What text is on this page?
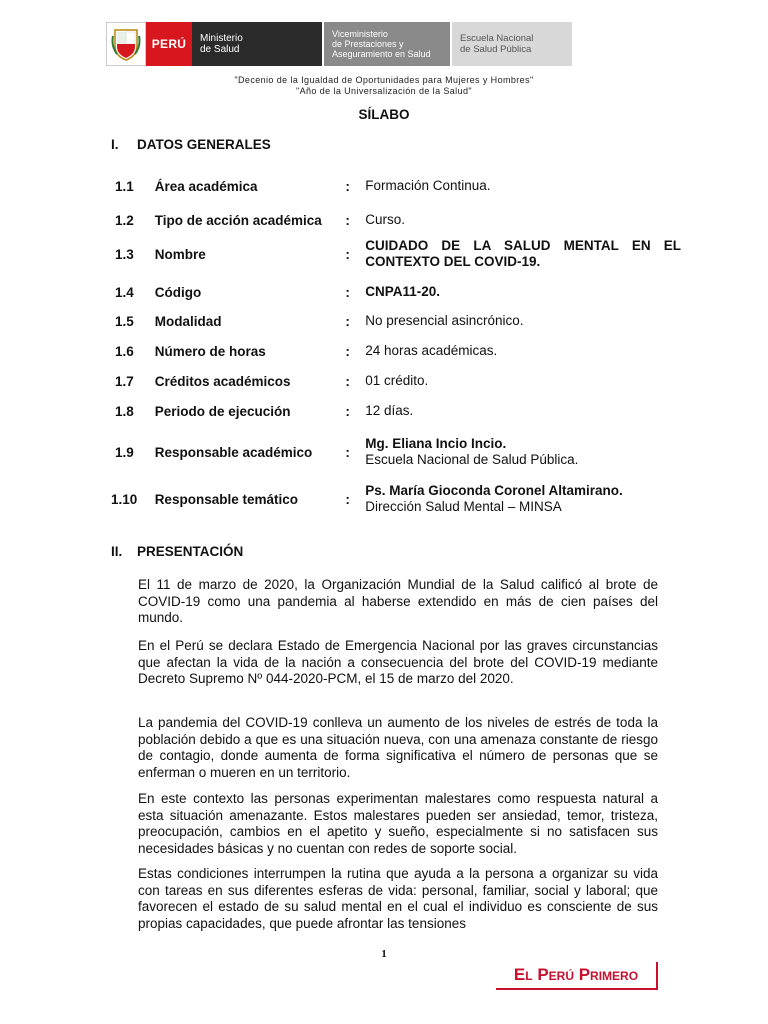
PERÚ	Ministerio
de Salud
Viceministerio
de Prestaciones y
Aseguramiento en Salud
Escuela Nacional
de Salud Pública
"Decenio de la Igualdad de Oportunidades para Mujeres y Hombres"
"Año de la Universalización de la Salud"
SÍLABO
I.	DATOS GENERALES
1.1	Área académica	:	Formación Continua.
1.2	Tipo de acción académica	:	Curso.
1.3	Nombre	:
CUIDADO DE LA SALUD MENTAL EN EL CONTEXTO DEL COVID-19.
1.4	Código	:	CNPA11-20.
1.5	Modalidad	:	No presencial asincrónico.
1.6	Número de horas	:	24 horas académicas.
1.7	Créditos académicos	:	01 crédito.
1.8	Periodo de ejecución	:	12 días.
1.9	Responsable académico	:
Mg. Eliana Incio Incio.
Escuela Nacional de Salud Pública.
1.10	Responsable temático	:
Ps. María Gioconda Coronel Altamirano.
Dirección Salud Mental – MINSA
II.	PRESENTACIÓN

El 11 de marzo de 2020, la Organización Mundial de la Salud calificó al brote de COVID-19 como una pandemia al haberse extendido en más de cien países del mundo.

En el Perú se declara Estado de Emergencia Nacional por las graves circunstancias que afectan la vida de la nación a consecuencia del brote del COVID-19 mediante Decreto Supremo Nº 044-2020-PCM, el 15 de marzo del 2020.

La pandemia del COVID-19 conlleva un aumento de los niveles de estrés de toda la población debido a que es una situación nueva, con una amenaza constante de riesgo de contagio, donde aumenta de forma significativa el número de personas que se enferman o mueren en un territorio.

En este contexto las personas experimentan malestares como respuesta natural a esta situación amenazante. Estos malestares pueden ser ansiedad, temor, tristeza, preocupación, cambios en el apetito y sueño, especialmente si no satisfacen sus necesidades básicas y no cuentan con redes de soporte social.

Estas condiciones interrumpen la rutina que ayuda a la persona a organizar su vida con tareas en sus diferentes esferas de vida: personal, familiar, social y laboral; que favorecen el estado de su salud mental en el cual el individuo es consciente de sus propias capacidades, que puede afrontar las tensiones

1
El Perú Primero
